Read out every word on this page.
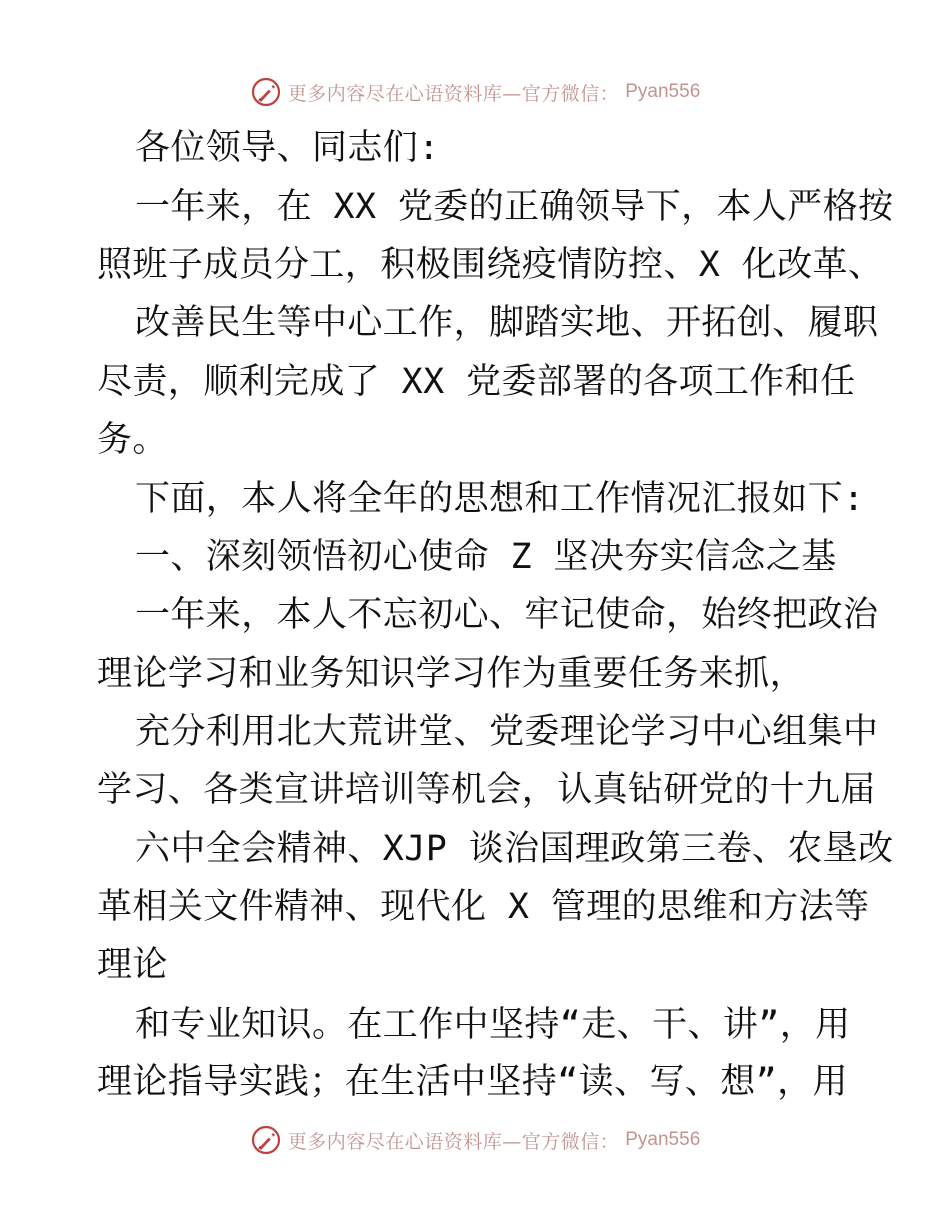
更多内容尽在心语资料库—官方微信： Pyan556
各位领导、同志们:
一年来，在 XX 党委的正确领导下，本人严格按
照班子成员分工，积极围绕疫情防控、X 化改革、
改善民生等中心工作，脚踏实地、开拓创、履职
尽责，顺利完成了 XX 党委部署的各项工作和任
务。
下面，本人将全年的思想和工作情况汇报如下:
一、深刻领悟初心使命 Z 坚决夯实信念之基
一年来，本人不忘初心、牢记使命，始终把政治
理论学习和业务知识学习作为重要任务来抓，
充分利用北大荒讲堂、党委理论学习中心组集中
学习、各类宣讲培训等机会，认真钻研党的十九届
六中全会精神、XJP 谈治国理政第三卷、农垦改
革相关文件精神、现代化 X 管理的思维和方法等
理论
和专业知识。在工作中坚持“走、干、讲”，用
理论指导实践；在生活中坚持“读、写、想”，用
更多内容尽在心语资料库—官方微信： Pyan556
